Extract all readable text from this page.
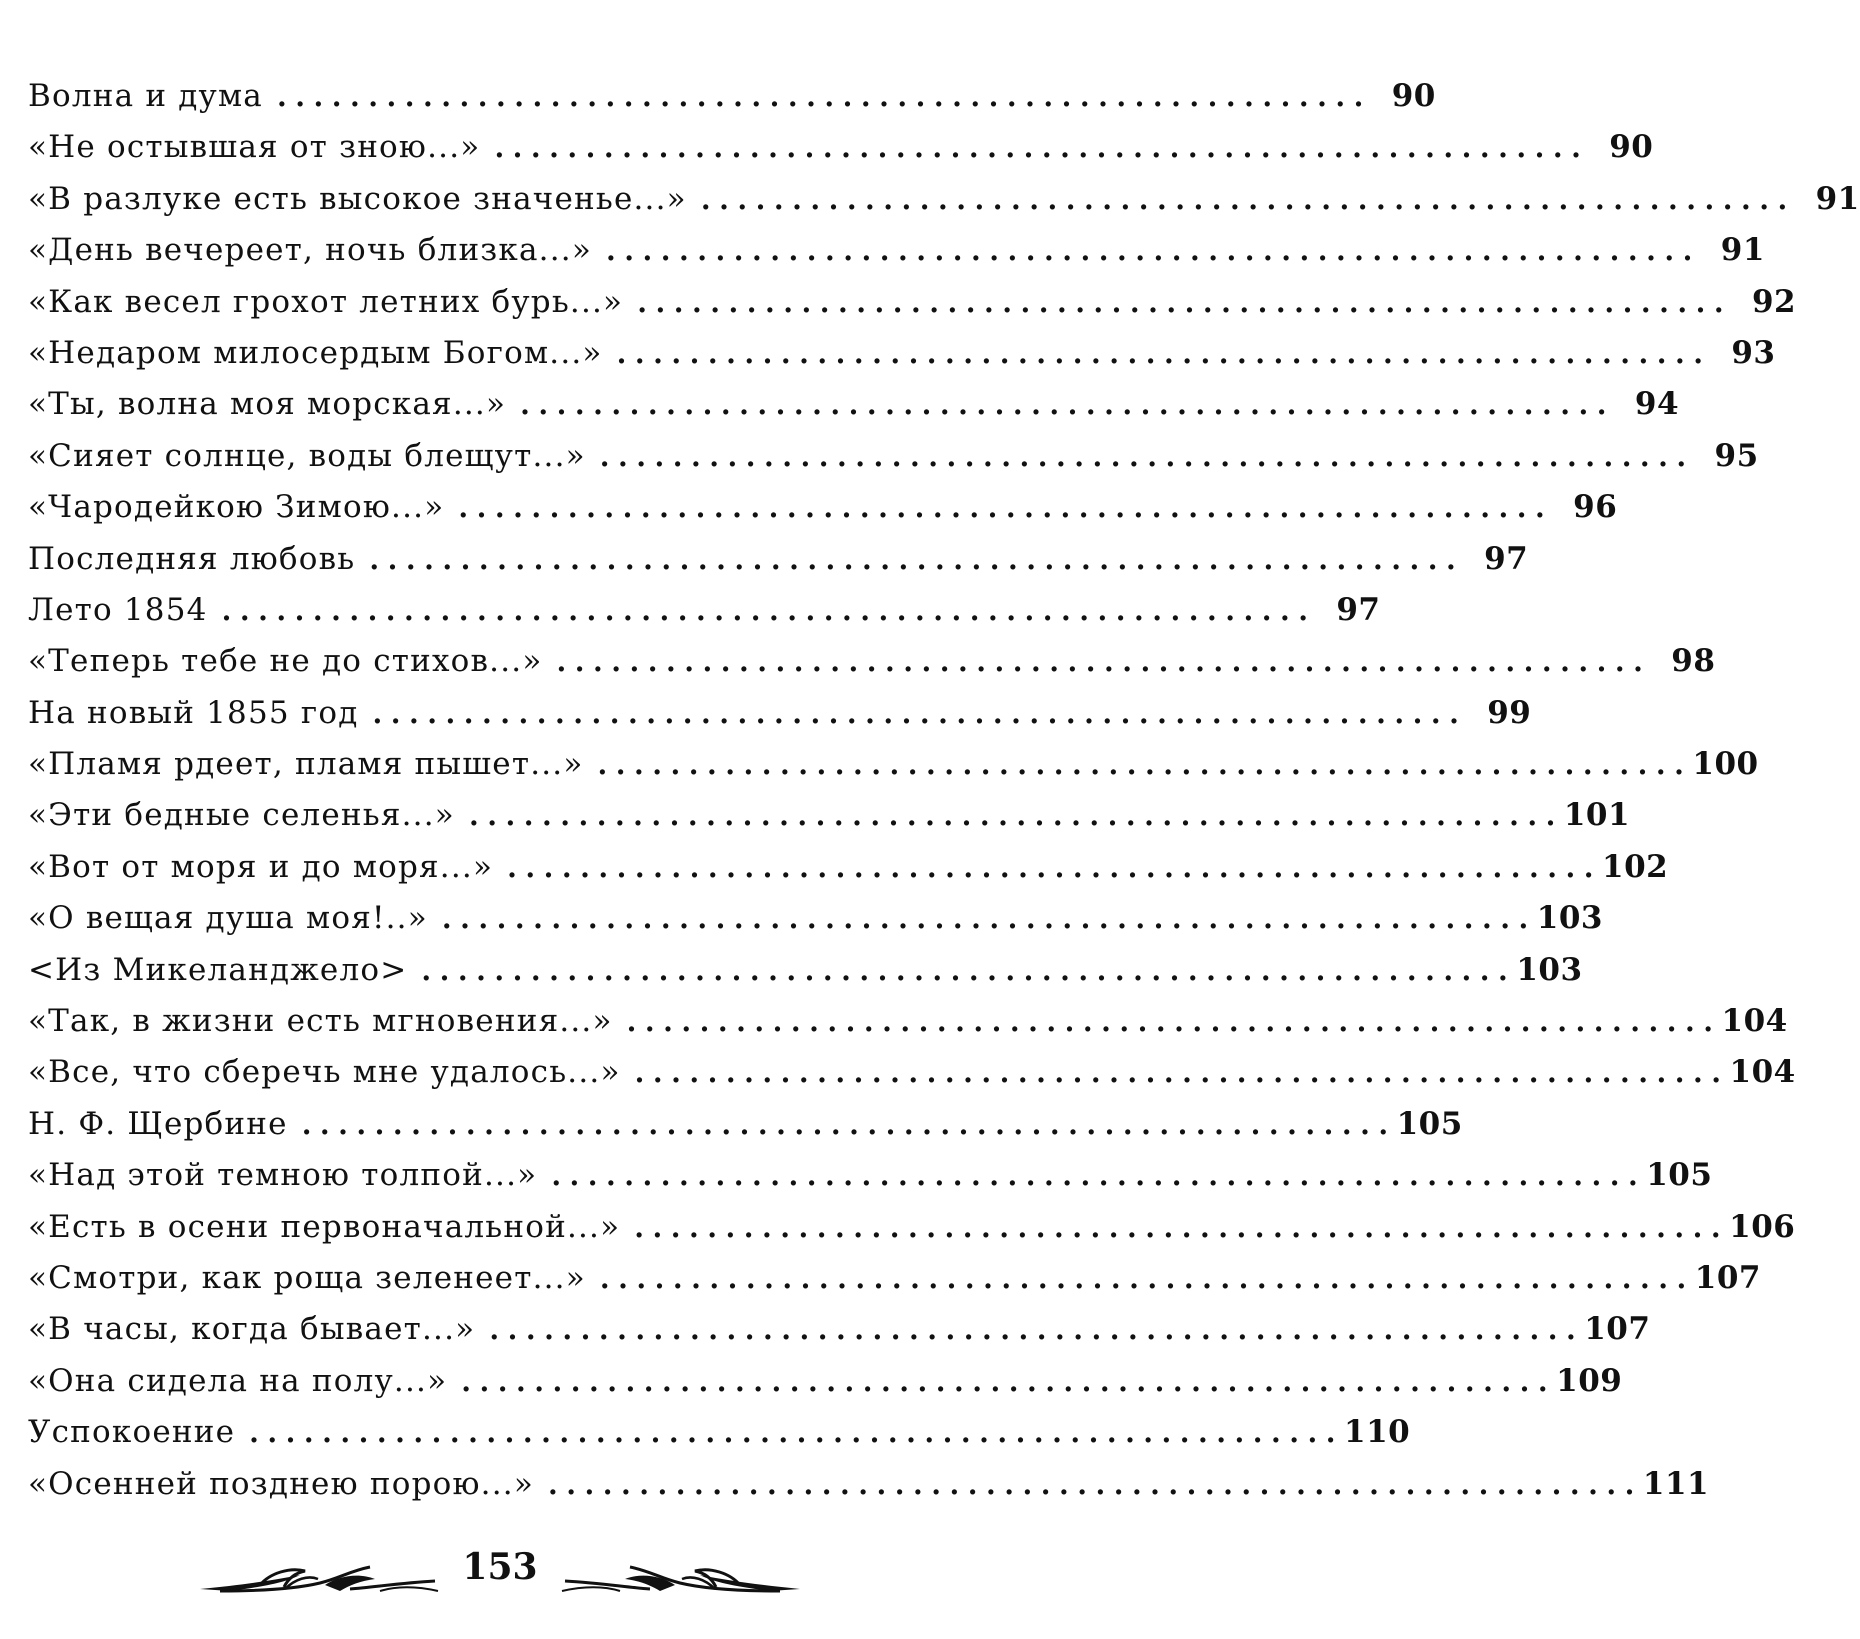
Волна и дума ............................................................ 90
«Не остывшая от зною...» ............................................................ 90
«В разлуке есть высокое значенье...» ............................................................ 91
«День вечереет, ночь близка...» ............................................................ 91
«Как весел грохот летних бурь...» ............................................................ 92
«Недаром милосердым Богом...» ............................................................ 93
«Ты, волна моя морская...» ............................................................ 94
«Сияет солнце, воды блещут...» ............................................................ 95
«Чародейкою Зимою...» ............................................................ 96
Последняя любовь ............................................................ 97
Лето 1854 ............................................................ 97
«Теперь тебе не до стихов...» ............................................................ 98
На новый 1855 год ............................................................ 99
«Пламя рдеет, пламя пышет...» ............................................................ 100
«Эти бедные селенья...» ............................................................ 101
«Вот от моря и до моря...» ............................................................ 102
«О вещая душа моя!..» ............................................................ 103
<Из Микеланджело> ............................................................ 103
«Так, в жизни есть мгновения...» ............................................................ 104
«Все, что сберечь мне удалось...» ............................................................ 104
Н. Ф. Щербине ............................................................ 105
«Над этой темною толпой...» ............................................................ 105
«Есть в осени первоначальной...» ............................................................ 106
«Смотри, как роща зеленеет...» ............................................................ 107
«В часы, когда бывает...» ............................................................ 107
«Она сидела на полу...» ............................................................ 109
Успокоение ............................................................ 110
«Осенней позднею порою...» ............................................................ 111
153
